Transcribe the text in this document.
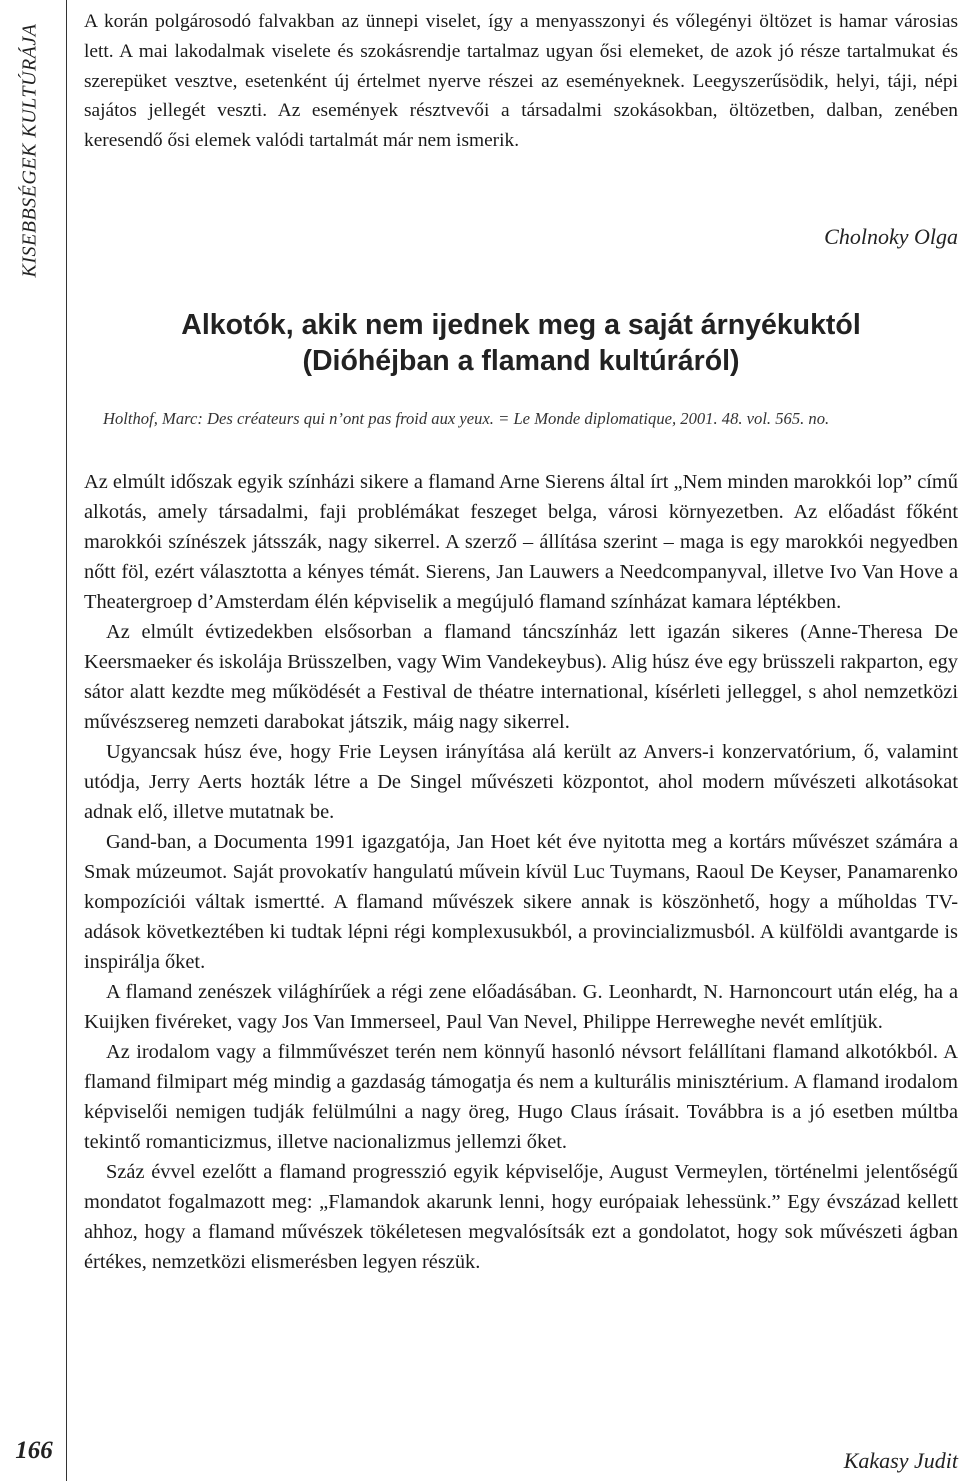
KISEBBSÉGEK KULTÚRÁJA
166

A korán polgárosodó falvakban az ünnepi viselet, így a menyasszonyi és vőlegényi öltözet is hamar városias lett. A mai lakodalmak viselete és szokásrendje tartalmaz ugyan ősi elemeket, de azok jó része tartalmukat és szerepüket vesztve, esetenként új értelmet nyerve részei az eseményeknek. Leegyszerűsödik, helyi, táji, népi sajátos jellegét veszti. Az események résztvevői a társadalmi szokásokban, öltözetben, dalban, zenében keresendő ősi elemek valódi tartalmát már nem ismerik.

Cholnoky Olga
Alkotók, akik nem ijednek meg a saját árnyékuktól
(Dióhéjban a flamand kultúráról)
Holthof, Marc: Des créateurs qui n’ont pas froid aux yeux. = Le Monde diplomatique, 2001. 48. vol. 565. no.

Az elmúlt időszak egyik színházi sikere a flamand Arne Sierens által írt „Nem minden marokkói lop” című alkotás, amely társadalmi, faji problémákat feszeget belga, városi környezetben. Az előadást főként marokkói színészek játsszák, nagy sikerrel. A szerző – állítása szerint – maga is egy marokkói negyedben nőtt föl, ezért választotta a kényes témát. Sierens, Jan Lauwers a Needcompanyval, illetve Ivo Van Hove a Theatergroep d’Amsterdam élén képviselik a megújuló flamand színházat kamara léptékben.

Az elmúlt évtizedekben elsősorban a flamand táncszínház lett igazán sikeres (Anne-Theresa De Keersmaeker és iskolája Brüsszelben, vagy Wim Vandekeybus). Alig húsz éve egy brüsszeli rakparton, egy sátor alatt kezdte meg működését a Festival de théatre international, kísérleti jelleggel, s ahol nemzetközi művészsereg nemzeti darabokat játszik, máig nagy sikerrel.

Ugyancsak húsz éve, hogy Frie Leysen irányítása alá került az Anvers-i konzervatórium, ő, valamint utódja, Jerry Aerts hozták létre a De Singel művészeti központot, ahol modern művészeti alkotásokat adnak elő, illetve mutatnak be.

Gand-ban, a Documenta 1991 igazgatója, Jan Hoet két éve nyitotta meg a kortárs művészet számára a Smak múzeumot. Saját provokatív hangulatú művein kívül Luc Tuymans, Raoul De Keyser, Panamarenko kompozíciói váltak ismertté. A flamand művészek sikere annak is köszönhető, hogy a műholdas TV-adások következtében ki tudtak lépni régi komplexusukból, a provincializmusból. A külföldi avantgarde is inspirálja őket.

A flamand zenészek világhírűek a régi zene előadásában. G. Leonhardt, N. Harnoncourt után elég, ha a Kuijken fivéreket, vagy Jos Van Immerseel, Paul Van Nevel, Philippe Herreweghe nevét említjük.

Az irodalom vagy a filmművészet terén nem könnyű hasonló névsort felállítani flamand alkotókból. A flamand filmipart még mindig a gazdaság támogatja és nem a kulturális minisztérium. A flamand irodalom képviselői nemigen tudják felülmúlni a nagy öreg, Hugo Claus írásait. Továbbra is a jó esetben múltba tekintő romanticizmus, illetve nacionalizmus jellemzi őket.

Száz évvel ezelőtt a flamand progresszió egyik képviselője, August Vermeylen, történelmi jelentőségű mondatot fogalmazott meg: „Flamandok akarunk lenni, hogy európaiak lehessünk.” Egy évszázad kellett ahhoz, hogy a flamand művészek tökéletesen megvalósítsák ezt a gondolatot, hogy sok művészeti ágban értékes, nemzetközi elismerésben legyen részük.

Kakasy Judit
